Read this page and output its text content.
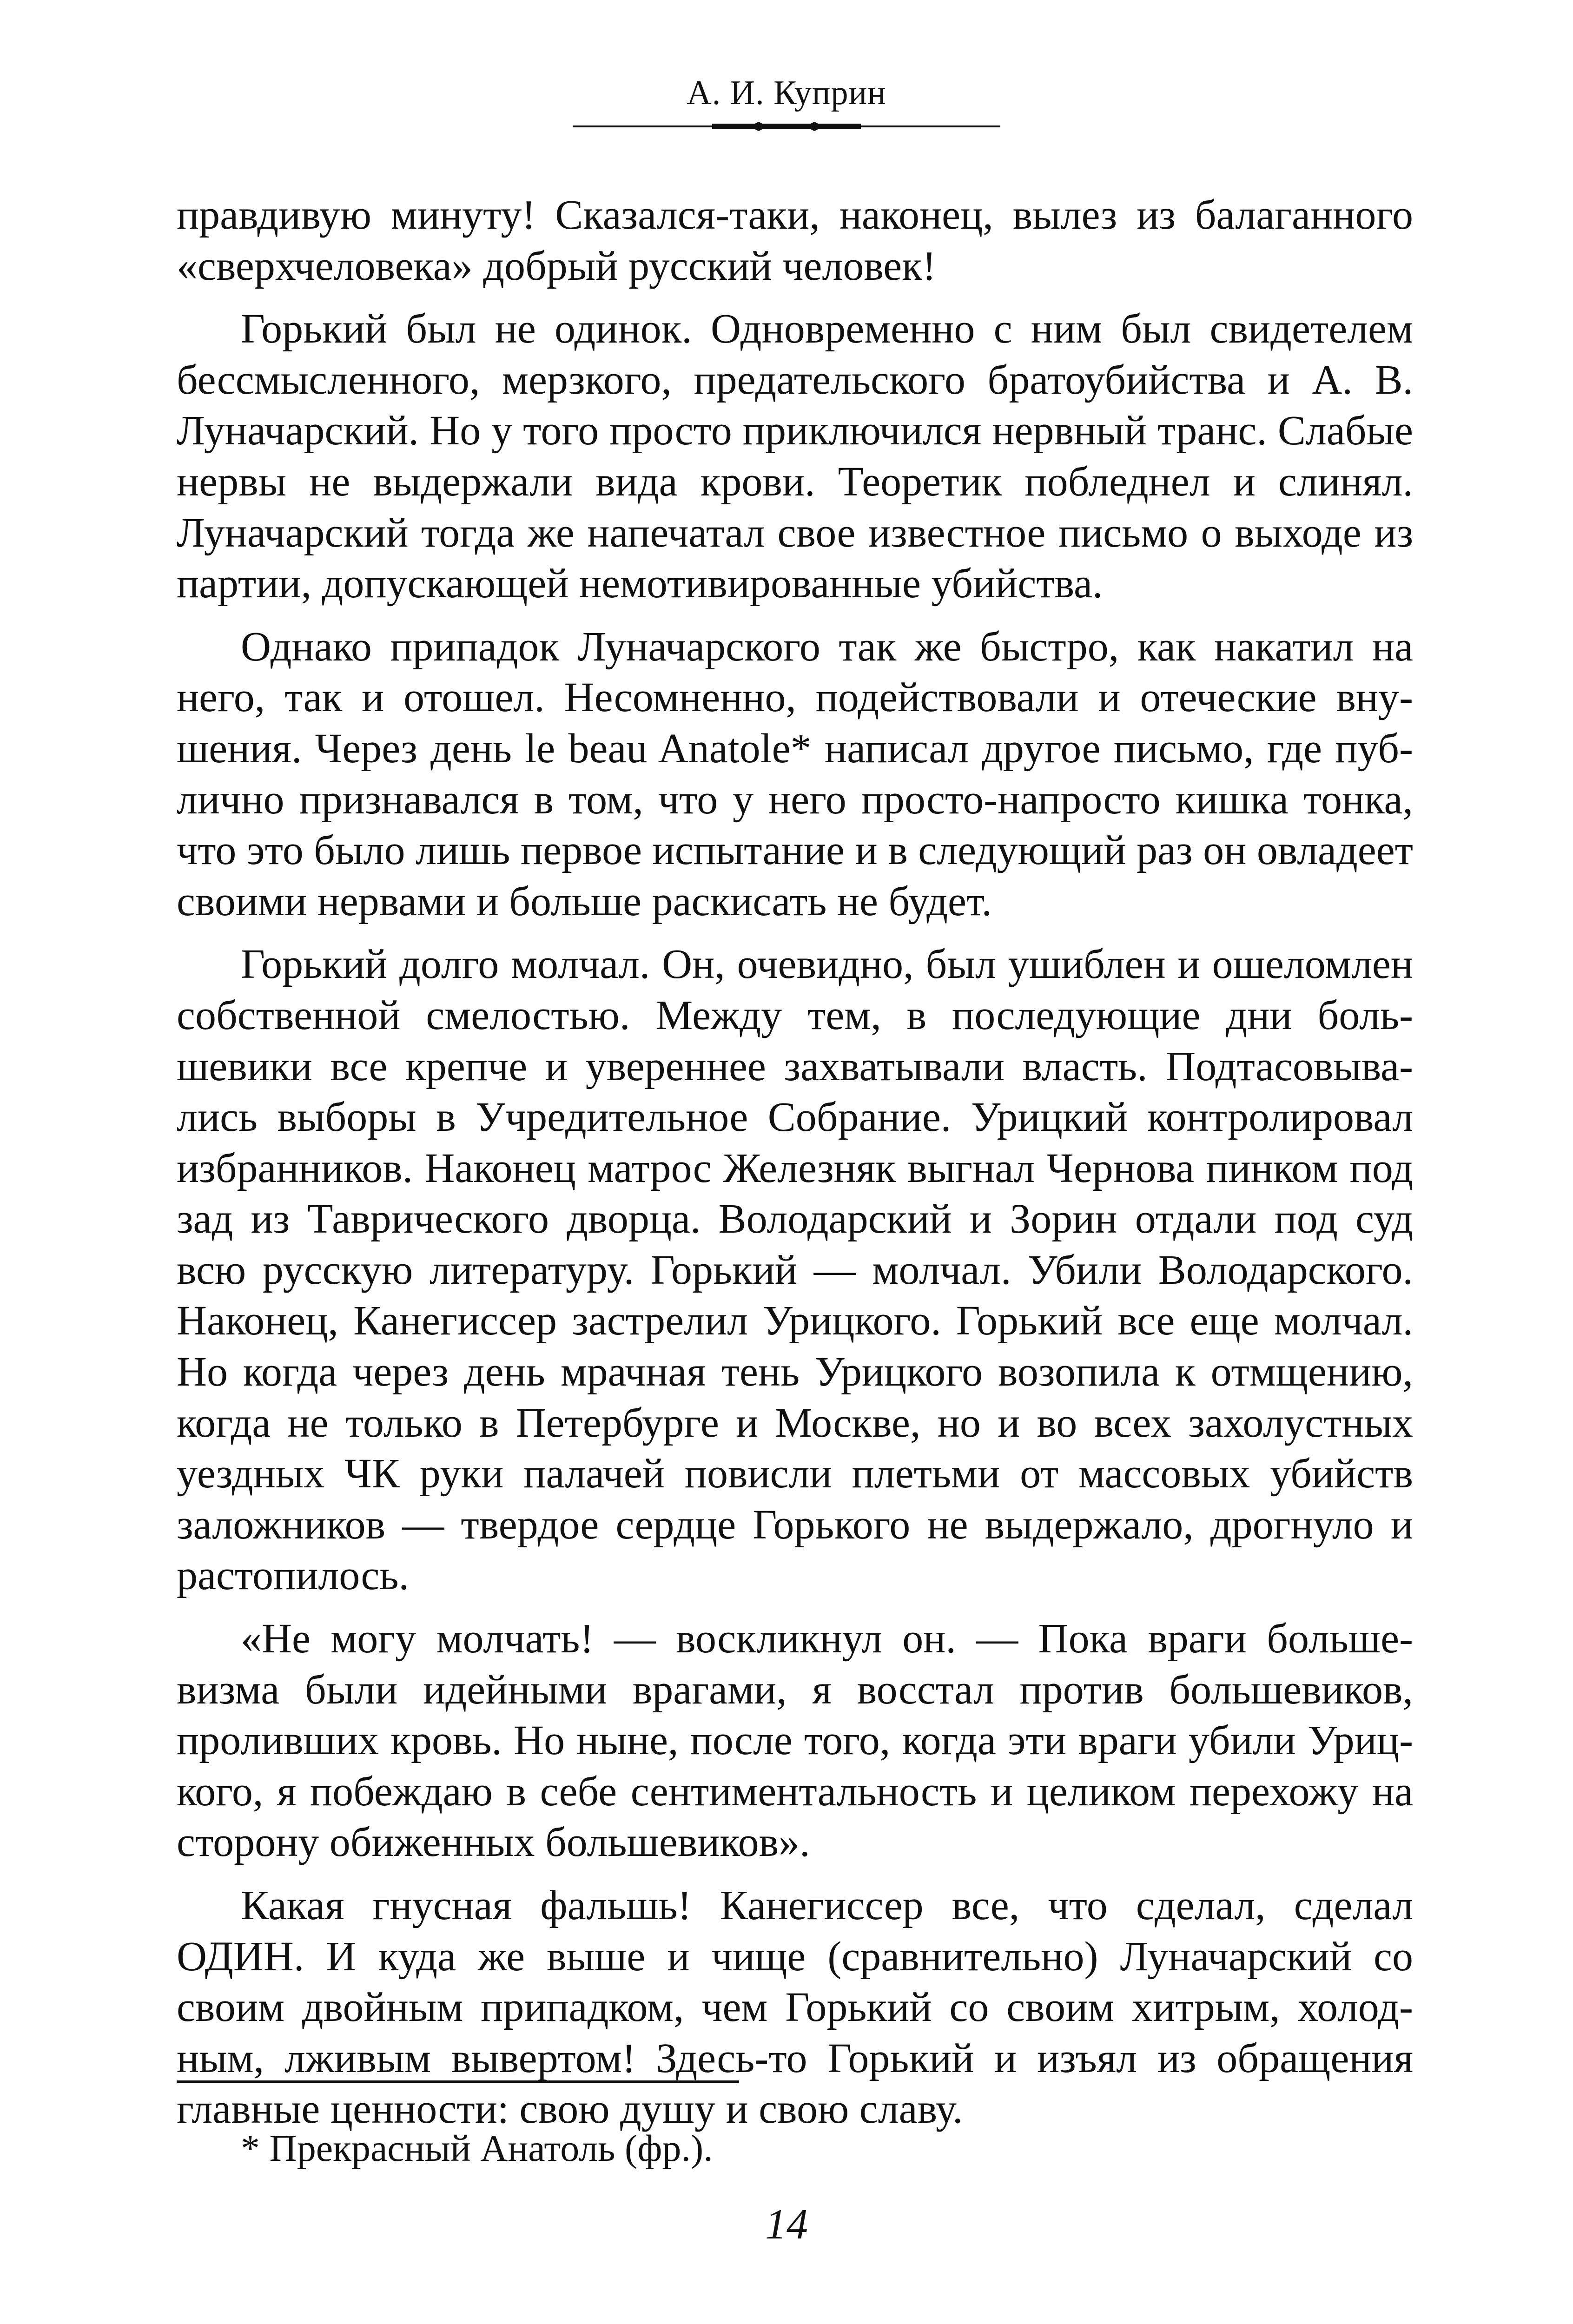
А. И. Куприн

правдивую минуту! Сказался-таки, наконец, вылез из балаганного «сверхчеловека» добрый русский человек!

Горький был не одинок. Одновременно с ним был свидетелем бессмысленного, мерзкого, предательского братоубийства и А. В. Луначарский. Но у того просто приключился нервный транс. Слабые нервы не выдержали вида крови. Теоретик побледнел и слинял. Луначарский тогда же напечатал свое известное письмо о выходе из партии, допускающей немотивированные убийства.

Однако припадок Луначарского так же быстро, как накатил на него, так и отошел. Несомненно, подействовали и отеческие внушения. Через день le beau Anatole* написал другое письмо, где публично признавался в том, что у него просто-напросто кишка тонка, что это было лишь первое испытание и в следующий раз он овладеет своими нервами и больше раскисать не будет.

Горький долго молчал. Он, очевидно, был ушиблен и ошеломлен собственной смелостью. Между тем, в последующие дни большевики все крепче и увереннее захватывали власть. Подтасовывались выборы в Учредительное Собрание. Урицкий контролировал избранников. Наконец матрос Железняк выгнал Чернова пинком под зад из Таврического дворца. Володарский и Зорин отдали под суд всю русскую литературу. Горький — молчал. Убили Володарского. Наконец, Канегиссер застрелил Урицкого. Горький все еще молчал. Но когда через день мрачная тень Урицкого возопила к отмщению, когда не только в Петербурге и Москве, но и во всех захолустных уездных ЧК руки палачей повисли плетьми от массовых убийств заложников — твердое сердце Горького не выдержало, дрогнуло и растопилось.

«Не могу молчать! — воскликнул он. — Пока враги большевизма были идейными врагами, я восстал против большевиков, проливших кровь. Но ныне, после того, когда эти враги убили Урицкого, я побеждаю в себе сентиментальность и целиком перехожу на сторону обиженных большевиков».

Какая гнусная фальшь! Канегиссер все, что сделал, сделал ОДИН. И куда же выше и чище (сравнительно) Луначарский со своим двойным припадком, чем Горький со своим хитрым, холодным, лживым вывертом! Здесь-то Горький и изъял из обращения главные ценности: свою душу и свою славу.

* Прекрасный Анатоль (фр.).
14
